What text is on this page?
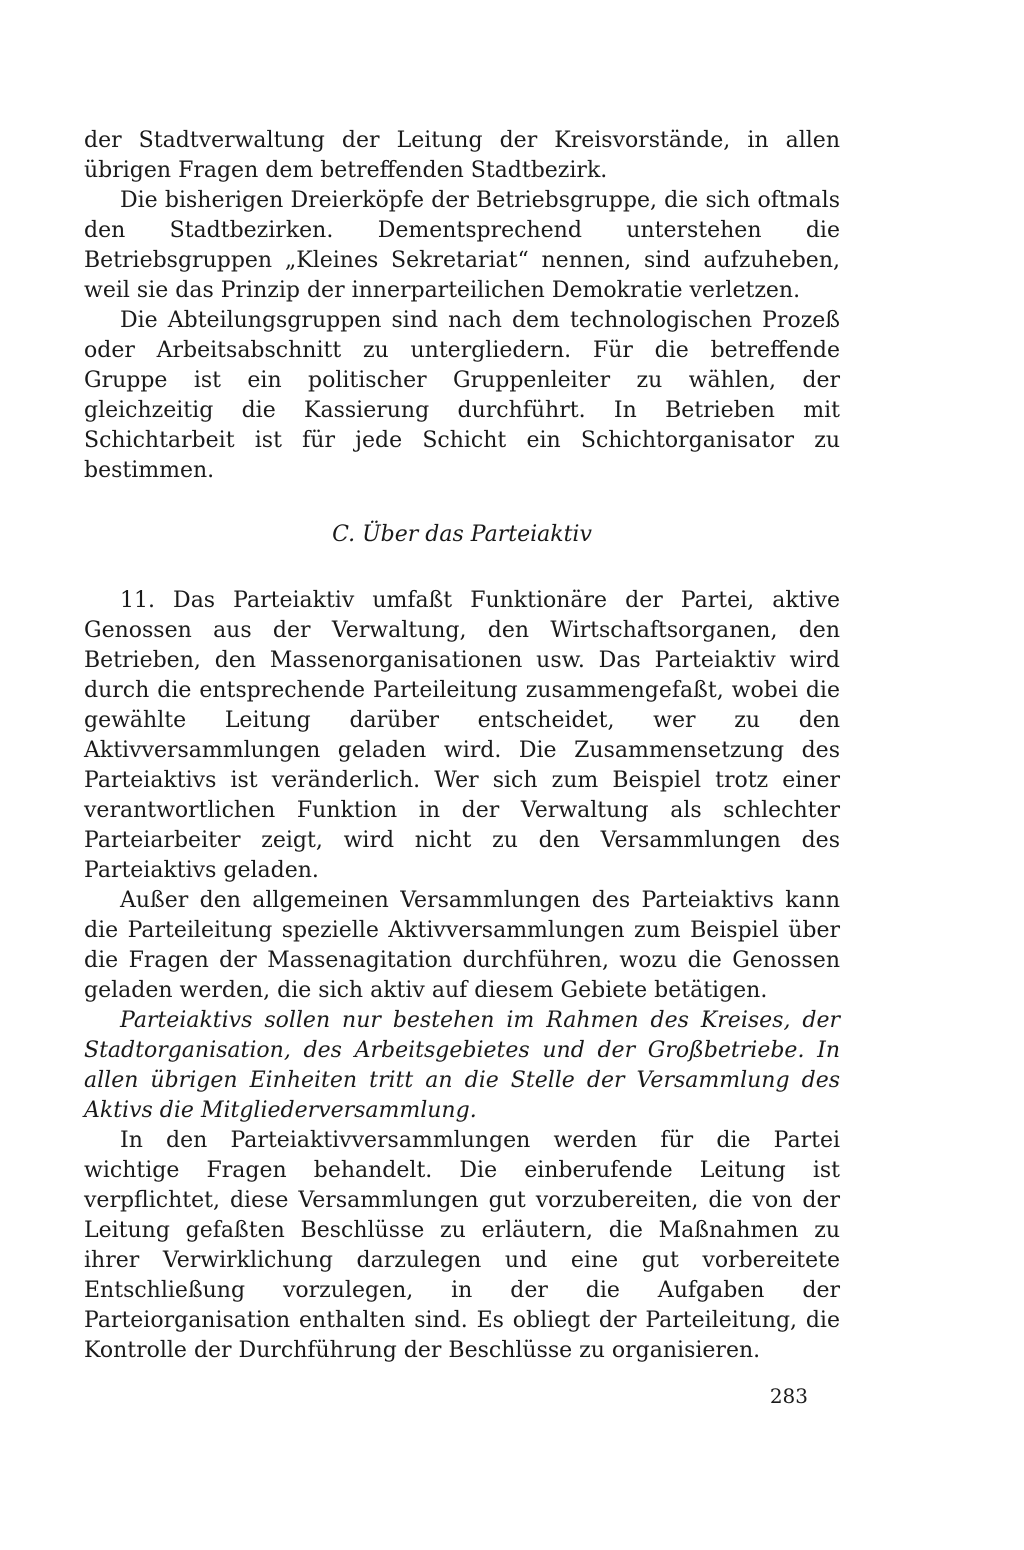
der Stadtverwaltung der Leitung der Kreisvorstände, in allen übrigen Fragen dem betreffenden Stadtbezirk.

Die bisherigen Dreierköpfe der Betriebsgruppe, die sich oftmals den Stadtbezirken. Dementsprechend unterstehen die Betriebsgruppen „Kleines Sekretariat“ nennen, sind aufzuheben, weil sie das Prinzip der innerparteilichen Demokratie verletzen.

Die Abteilungsgruppen sind nach dem technologischen Prozeß oder Arbeitsabschnitt zu untergliedern. Für die betreffende Gruppe ist ein politischer Gruppenleiter zu wählen, der gleichzeitig die Kassierung durchführt. In Betrieben mit Schichtarbeit ist für jede Schicht ein Schichtorganisator zu bestimmen.

C. Über das Parteiaktiv

11. Das Parteiaktiv umfaßt Funktionäre der Partei, aktive Genossen aus der Verwaltung, den Wirtschaftsorganen, den Betrieben, den Massenorganisationen usw. Das Parteiaktiv wird durch die entsprechende Parteileitung zusammengefaßt, wobei die gewählte Leitung darüber entscheidet, wer zu den Aktivversammlungen geladen wird. Die Zusammensetzung des Parteiaktivs ist veränderlich. Wer sich zum Beispiel trotz einer verantwortlichen Funktion in der Verwaltung als schlechter Parteiarbeiter zeigt, wird nicht zu den Versammlungen des Parteiaktivs geladen.

Außer den allgemeinen Versammlungen des Parteiaktivs kann die Parteileitung spezielle Aktivversammlungen zum Beispiel über die Fragen der Massenagitation durchführen, wozu die Genossen geladen werden, die sich aktiv auf diesem Gebiete betätigen.

Parteiaktivs sollen nur bestehen im Rahmen des Kreises, der Stadtorganisation, des Arbeitsgebietes und der Großbetriebe. In allen übrigen Einheiten tritt an die Stelle der Versammlung des Aktivs die Mitgliederversammlung.

In den Parteiaktivversammlungen werden für die Partei wichtige Fragen behandelt. Die einberufende Leitung ist verpflichtet, diese Versammlungen gut vorzubereiten, die von der Leitung gefaßten Beschlüsse zu erläutern, die Maßnahmen zu ihrer Verwirklichung darzulegen und eine gut vorbereitete Entschließung vorzulegen, in der die Aufgaben der Parteiorganisation enthalten sind. Es obliegt der Parteileitung, die Kontrolle der Durchführung der Beschlüsse zu organisieren.

283
